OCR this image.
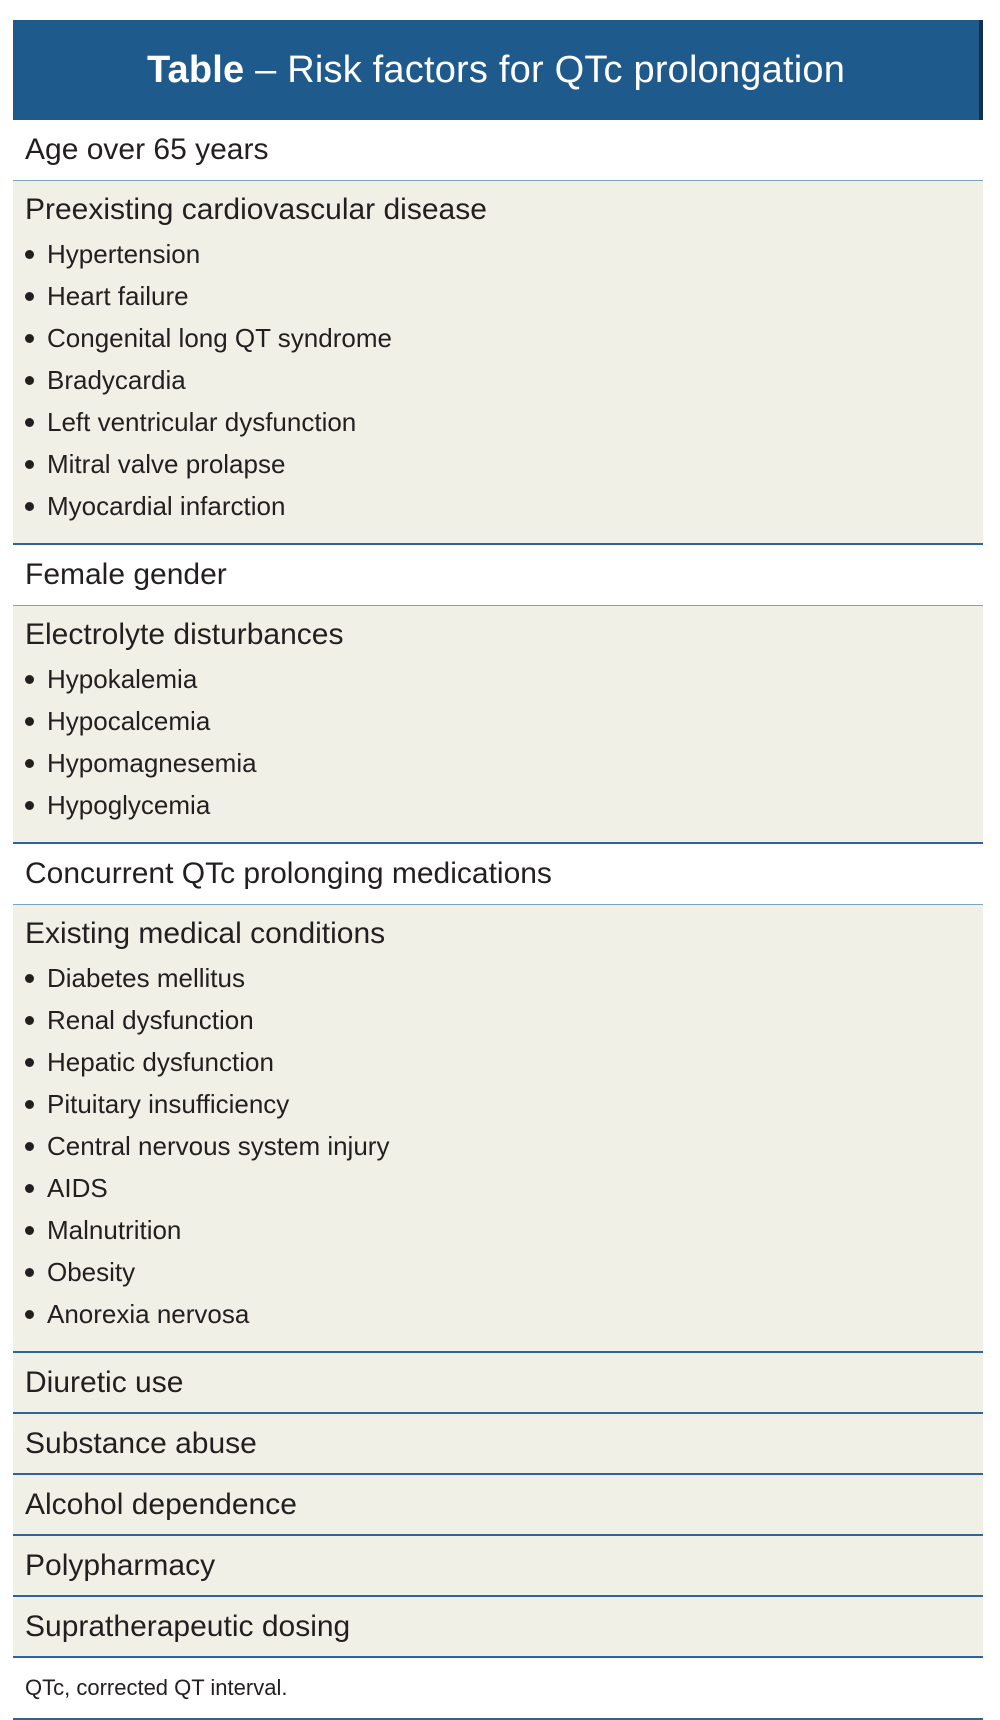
Table – Risk factors for QTc prolongation
Age over 65 years
Preexisting cardiovascular disease
Hypertension
Heart failure
Congenital long QT syndrome
Bradycardia
Left ventricular dysfunction
Mitral valve prolapse
Myocardial infarction
Female gender
Electrolyte disturbances
Hypokalemia
Hypocalcemia
Hypomagnesemia
Hypoglycemia
Concurrent QTc prolonging medications
Existing medical conditions
Diabetes mellitus
Renal dysfunction
Hepatic dysfunction
Pituitary insufficiency
Central nervous system injury
AIDS
Malnutrition
Obesity
Anorexia nervosa
Diuretic use
Substance abuse
Alcohol dependence
Polypharmacy
Supratherapeutic dosing
QTc, corrected QT interval.
